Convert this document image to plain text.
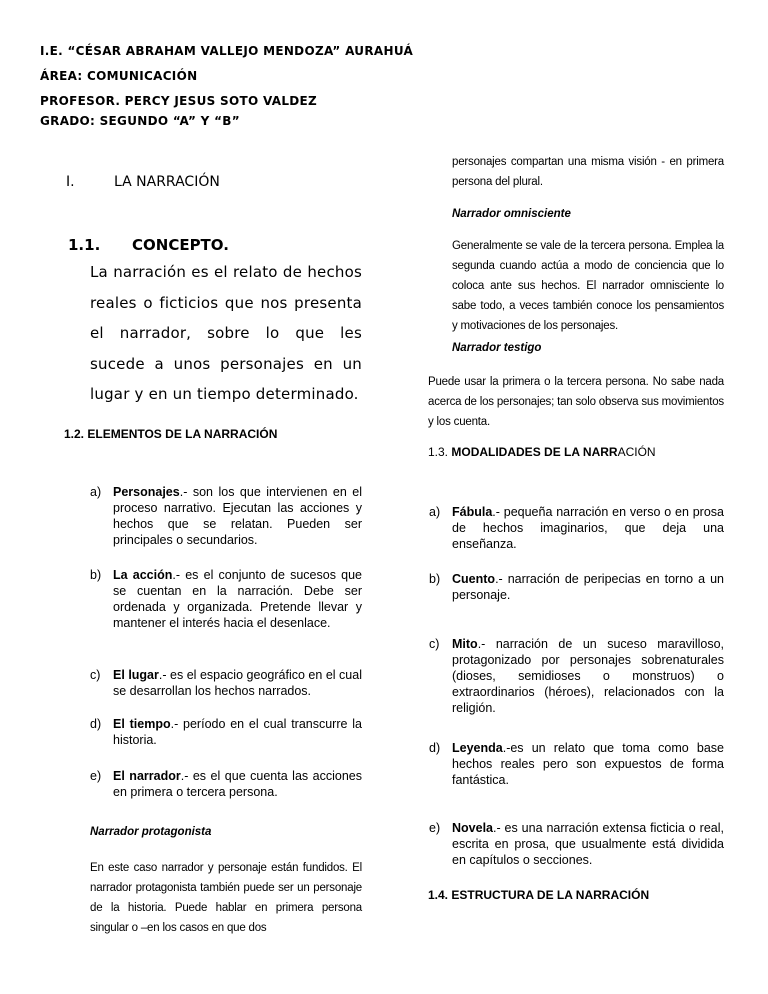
I.E. “CÉSAR ABRAHAM VALLEJO MENDOZA” AURAHUÁ
ÁREA: COMUNICACIÓN
PROFESOR. PERCY JESUS SOTO VALDEZ
GRADO: SEGUNDO “A” Y “B”
I.	LA NARRACIÓN
1.1. CONCEPTO.
La narración es el relato de hechos reales o ficticios que nos presenta el narrador, sobre lo que les sucede a unos personajes en un lugar y en un tiempo determinado.
1.2. ELEMENTOS DE LA NARRACIÓN
a) Personajes.- son los que intervienen en el proceso narrativo. Ejecutan las acciones y hechos que se relatan. Pueden ser principales o secundarios.
b) La acción.- es el conjunto de sucesos que se cuentan en la narración. Debe ser ordenada y organizada. Pretende llevar y mantener el interés hacia el desenlace.
c) El lugar.- es el espacio geográfico en el cual se desarrollan los hechos narrados.
d) El tiempo.- período en el cual transcurre la historia.
e) El narrador.- es el que cuenta las acciones en primera o tercera persona.
Narrador protagonista
En este caso narrador y personaje están fundidos. El narrador protagonista también puede ser un personaje de la historia. Puede hablar en primera persona singular o –en los casos en que dos
personajes compartan una misma visión - en primera persona del plural.
Narrador omnisciente
Generalmente se vale de la tercera persona. Emplea la segunda cuando actúa a modo de conciencia que lo coloca ante sus hechos. El narrador omnisciente lo sabe todo, a veces también conoce los pensamientos y motivaciones de los personajes.
Narrador testigo
Puede usar la primera o la tercera persona. No sabe nada acerca de los personajes; tan solo observa sus movimientos y los cuenta.
1.3. MODALIDADES DE LA NARRACIÓN
a) Fábula.- pequeña narración en verso o en prosa de hechos imaginarios, que deja una enseñanza.
b) Cuento.- narración de peripecias en torno a un personaje.
c) Mito.- narración de un suceso maravilloso, protagonizado por personajes sobrenaturales (dioses, semidioses o monstruos) o extraordinarios (héroes), relacionados con la religión.
d) Leyenda.-es un relato que toma como base hechos reales pero son expuestos de forma fantástica.
e) Novela.- es una narración extensa ficticia o real, escrita en prosa, que usualmente está dividida en capítulos o secciones.
1.4. ESTRUCTURA DE LA NARRACIÓN
